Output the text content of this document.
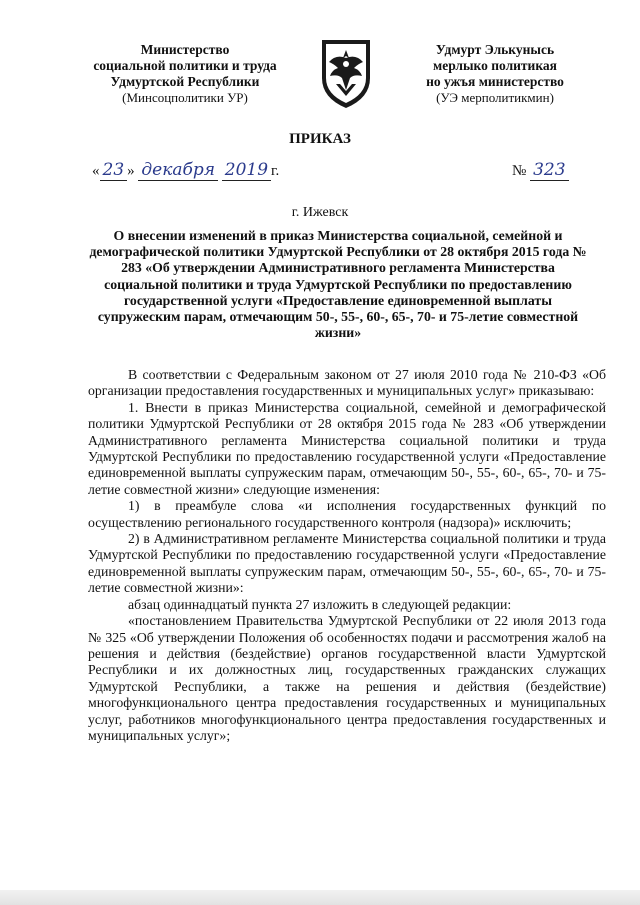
Министерство
социальной политики и труда
Удмуртской Республики
(Минсоцполитики УР)
Удмурт Элькунысь
мерлыко политикая
но ужъя министерство
(УЭ мерполитикмин)
ПРИКАЗ
« 23 » декабря 2019 г.	№ 323
г. Ижевск
О внесении изменений в приказ Министерства социальной, семейной и демографической политики Удмуртской Республики от 28 октября 2015 года № 283 «Об утверждении Административного регламента Министерства социальной политики и труда Удмуртской Республики по предоставлению государственной услуги «Предоставление единовременной выплаты супружеским парам, отмечающим 50-, 55-, 60-, 65-, 70- и 75-летие совместной жизни»

В соответствии с Федеральным законом от 27 июля 2010 года № 210-ФЗ «Об организации предоставления государственных и муниципальных услуг» приказываю:

1. Внести в приказ Министерства социальной, семейной и демографической политики Удмуртской Республики от 28 октября 2015 года № 283 «Об утверждении Административного регламента Министерства социальной политики и труда Удмуртской Республики по предоставлению государственной услуги «Предоставление единовременной выплаты супружеским парам, отмечающим 50-, 55-, 60-, 65-, 70- и 75-летие совместной жизни» следующие изменения:

1) в преамбуле слова «и исполнения государственных функций по осуществлению регионального государственного контроля (надзора)» исключить;

2) в Административном регламенте Министерства социальной политики и труда Удмуртской Республики по предоставлению государственной услуги «Предоставление единовременной выплаты супружеским парам, отмечающим 50-, 55-, 60-, 65-, 70- и 75-летие совместной жизни»:

абзац одиннадцатый пункта 27 изложить в следующей редакции:

«постановлением Правительства Удмуртской Республики от 22 июля 2013 года № 325 «Об утверждении Положения об особенностях подачи и рассмотрения жалоб на решения и действия (бездействие) органов государственной власти Удмуртской Республики и их должностных лиц, государственных гражданских служащих Удмуртской Республики, а также на решения и действия (бездействие) многофункционального центра предоставления государственных и муниципальных услуг, работников многофункционального центра предоставления государственных и муниципальных услуг»;
